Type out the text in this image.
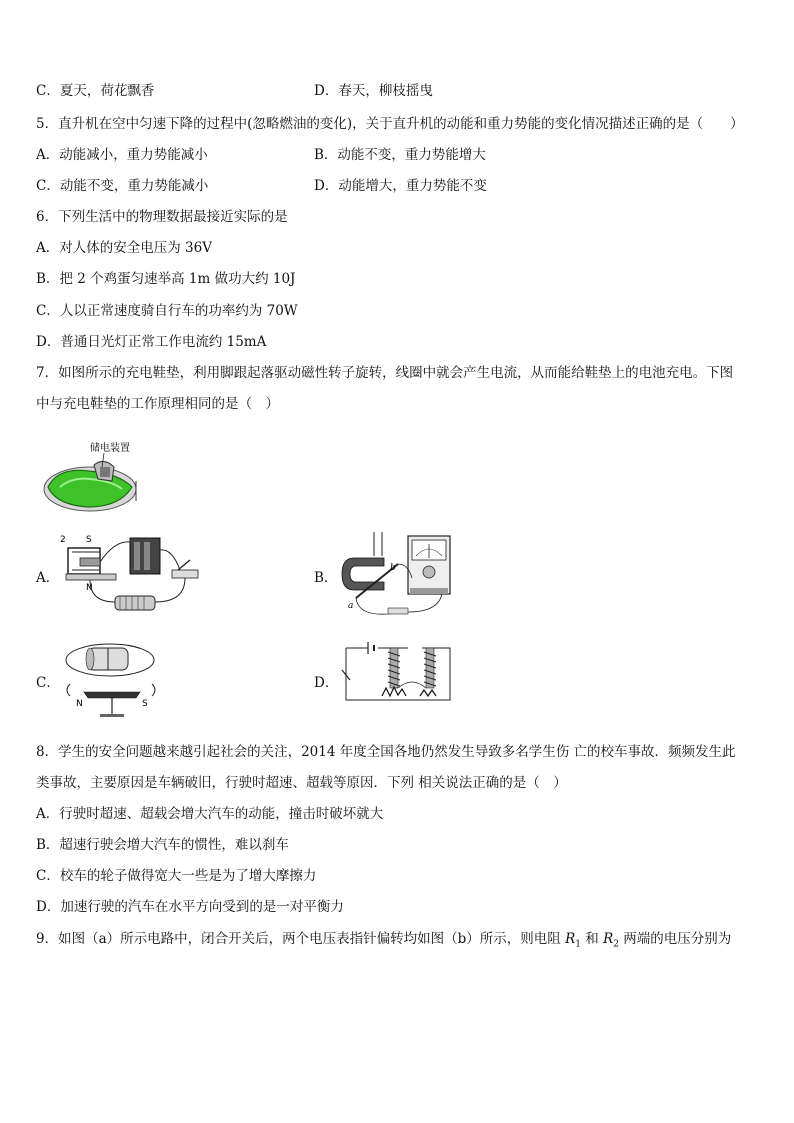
C．夏天，荷花飘香	D．春天，柳枝摇曳
5．直升机在空中匀速下降的过程中(忽略燃油的变化)，关于直升机的动能和重力势能的变化情况描述正确的是（　　）
A．动能减小，重力势能减小	B．动能不变，重力势能增大
C．动能不变，重力势能减小	D．动能增大，重力势能不变
6．下列生活中的物理数据最接近实际的是
A．对人体的安全电压为 36V
B．把 2 个鸡蛋匀速举高 1m 做功大约 10J
C．人以正常速度骑自行车的功率约为 70W
D．普通日光灯正常工作电流约 15mA
7．如图所示的充电鞋垫，利用脚跟起落驱动磁性转子旋转，线圈中就会产生电流，从而能给鞋垫上的电池充电。下图
中与充电鞋垫的工作原理相同的是（　）
储电装置
A．
2 S
N
B．
a
b
C．
N	S
D．
8．学生的安全问题越来越引起社会的关注，2014 年度全国各地仍然发生导致多名学生伤 亡的校车事故．频频发生此
类事故，主要原因是车辆破旧，行驶时超速、超载等原因．下列 相关说法正确的是（　）
A．行驶时超速、超载会增大汽车的动能，撞击时破坏就大
B．超速行驶会增大汽车的惯性，难以刹车
C．校车的轮子做得宽大一些是为了增大摩擦力
D．加速行驶的汽车在水平方向受到的是一对平衡力
9．如图（a）所示电路中，闭合开关后，两个电压表指针偏转均如图（b）所示，则电阻 $R_1$ 和 $R_2$ 两端的电压分别为
